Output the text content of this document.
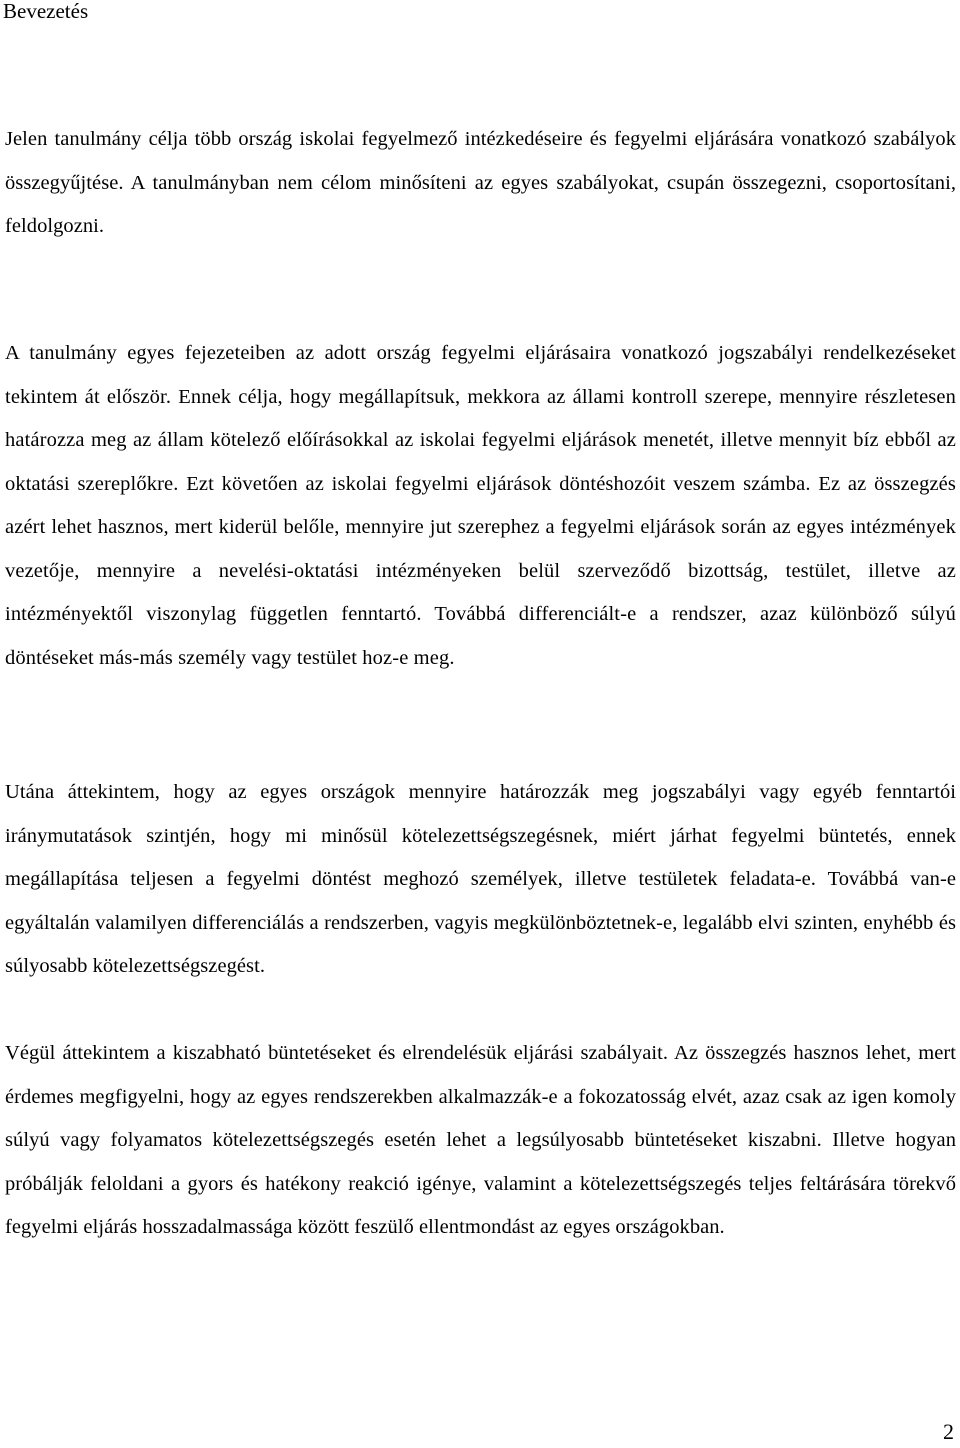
Bevezetés

Jelen tanulmány célja több ország iskolai fegyelmező intézkedéseire és fegyelmi eljárására vonatkozó szabályok összegyűjtése. A tanulmányban nem célom minősíteni az egyes szabályokat, csupán összegezni, csoportosítani, feldolgozni.

A tanulmány egyes fejezeteiben az adott ország fegyelmi eljárásaira vonatkozó jogszabályi rendelkezéseket tekintem át először. Ennek célja, hogy megállapítsuk, mekkora az állami kontroll szerepe, mennyire részletesen határozza meg az állam kötelező előírásokkal az iskolai fegyelmi eljárások menetét, illetve mennyit bíz ebből az oktatási szereplőkre. Ezt követően az iskolai fegyelmi eljárások döntéshozóit veszem számba. Ez az összegzés azért lehet hasznos, mert kiderül belőle, mennyire jut szerephez a fegyelmi eljárások során az egyes intézmények vezetője, mennyire a nevelési-oktatási intézményeken belül szerveződő bizottság, testület, illetve az intézményektől viszonylag független fenntartó. Továbbá differenciált-e a rendszer, azaz különböző súlyú döntéseket más-más személy vagy testület hoz-e meg.

Utána áttekintem, hogy az egyes országok mennyire határozzák meg jogszabályi vagy egyéb fenntartói iránymutatások szintjén, hogy mi minősül kötelezettségszegésnek, miért járhat fegyelmi büntetés, ennek megállapítása teljesen a fegyelmi döntést meghozó személyek, illetve testületek feladata-e. Továbbá van-e egyáltalán valamilyen differenciálás a rendszerben, vagyis megkülönböztetnek-e, legalább elvi szinten, enyhébb és súlyosabb kötelezettségszegést.

Végül áttekintem a kiszabható büntetéseket és elrendelésük eljárási szabályait. Az összegzés hasznos lehet, mert érdemes megfigyelni, hogy az egyes rendszerekben alkalmazzák-e a fokozatosság elvét, azaz csak az igen komoly súlyú vagy folyamatos kötelezettségszegés esetén lehet a legsúlyosabb büntetéseket kiszabni. Illetve hogyan próbálják feloldani a gyors és hatékony reakció igénye, valamint a kötelezettségszegés teljes feltárására törekvő fegyelmi eljárás hosszadalmassága között feszülő ellentmondást az egyes országokban.

2
